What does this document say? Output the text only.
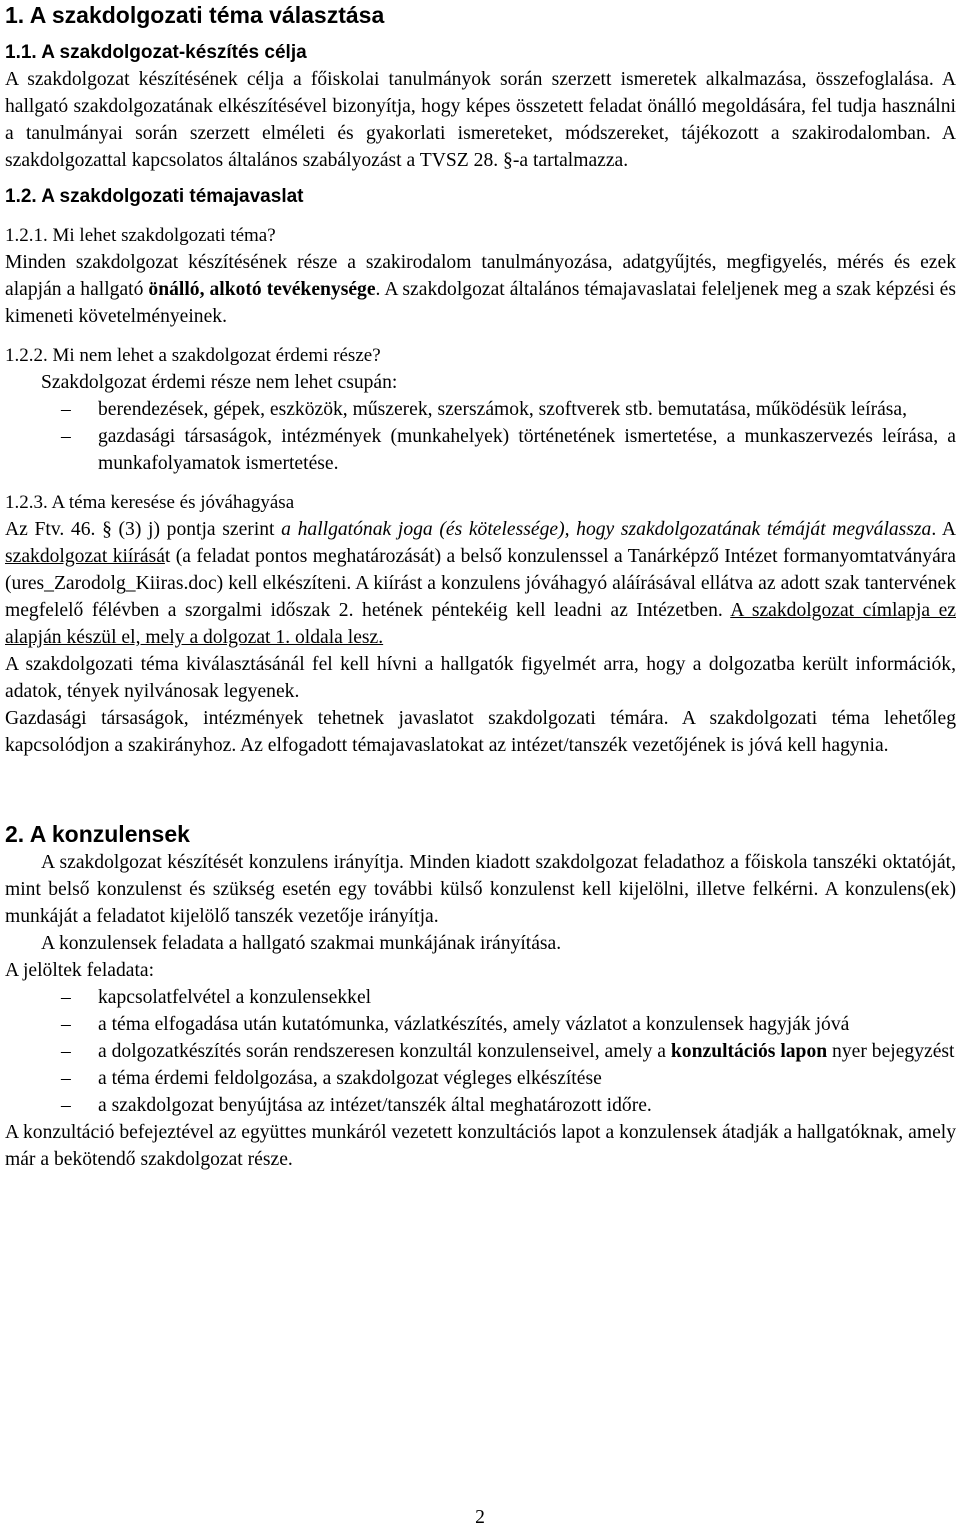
1. A szakdolgozati téma választása
1.1. A szakdolgozat-készítés célja

A szakdolgozat készítésének célja a főiskolai tanulmányok során szerzett ismeretek alkalmazása, összefoglalása. A hallgató szakdolgozatának elkészítésével bizonyítja, hogy képes összetett feladat önálló megoldására, fel tudja használni a tanulmányai során szerzett elméleti és gyakorlati ismereteket, módszereket, tájékozott a szakirodalomban. A szakdolgozattal kapcsolatos általános szabályozást a TVSZ 28. §-a tartalmazza.

1.2. A szakdolgozati témajavaslat
1.2.1. Mi lehet szakdolgozati téma?

Minden szakdolgozat készítésének része a szakirodalom tanulmányozása, adatgyűjtés, megfigyelés, mérés és ezek alapján a hallgató önálló, alkotó tevékenysége. A szakdolgozat általános témajavaslatai feleljenek meg a szak képzési és kimeneti követelményeinek.

1.2.2. Mi nem lehet a szakdolgozat érdemi része?

Szakdolgozat érdemi része nem lehet csupán:

– berendezések, gépek, eszközök, műszerek, szerszámok, szoftverek stb. bemutatása, működésük leírása,
– gazdasági társaságok, intézmények (munkahelyek) történetének ismertetése, a munkaszervezés leírása, a munkafolyamatok ismertetése.
1.2.3. A téma keresése és jóváhagyása

Az Ftv. 46. § (3) j) pontja szerint a hallgatónak joga (és kötelessége), hogy szakdolgozatának témáját megválassza. A szakdolgozat kiírását (a feladat pontos meghatározását) a belső konzulenssel a Tanárképző Intézet formanyomtatványára (ures_Zarodolg_Kiiras.doc) kell elkészíteni. A kiírást a konzulens jóváhagyó aláírásával ellátva az adott szak tantervének megfelelő félévben a szorgalmi időszak 2. hetének péntekéig kell leadni az Intézetben. A szakdolgozat címlapja ez alapján készül el, mely a dolgozat 1. oldala lesz.

A szakdolgozati téma kiválasztásánál fel kell hívni a hallgatók figyelmét arra, hogy a dolgozatba került információk, adatok, tények nyilvánosak legyenek.

Gazdasági társaságok, intézmények tehetnek javaslatot szakdolgozati témára. A szakdolgozati téma lehetőleg kapcsolódjon a szakirányhoz. Az elfogadott témajavaslatokat az intézet/tanszék vezetőjének is jóvá kell hagynia.

2. A konzulensek

A szakdolgozat készítését konzulens irányítja. Minden kiadott szakdolgozat feladathoz a főiskola tanszéki oktatóját, mint belső konzulenst és szükség esetén egy további külső konzulenst kell kijelölni, illetve felkérni. A konzulens(ek) munkáját a feladatot kijelölő tanszék vezetője irányítja.

A konzulensek feladata a hallgató szakmai munkájának irányítása.

A jelöltek feladata:

– kapcsolatfelvétel a konzulensekkel
– a téma elfogadása után kutatómunka, vázlatkészítés, amely vázlatot a konzulensek hagyják jóvá
– a dolgozatkészítés során rendszeresen konzultál konzulenseivel, amely a konzultációs lapon nyer bejegyzést
– a téma érdemi feldolgozása, a szakdolgozat végleges elkészítése
– a szakdolgozat benyújtása az intézet/tanszék által meghatározott időre.

A konzultáció befejeztével az együttes munkáról vezetett konzultációs lapot a konzulensek átadják a hallgatóknak, amely már a bekötendő szakdolgozat része.

2
